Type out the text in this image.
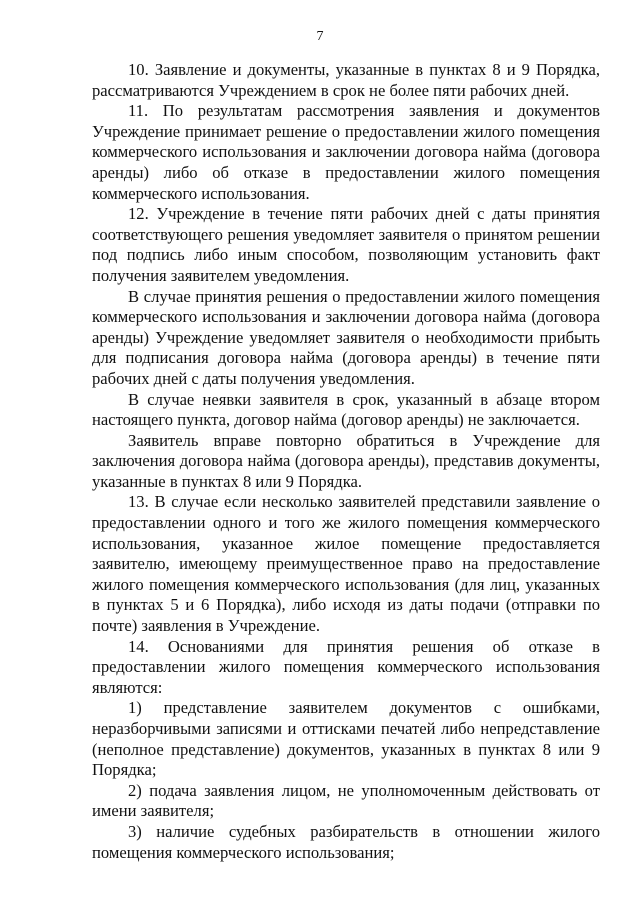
7

10. Заявление и документы, указанные в пунктах 8 и 9 Порядка, рассматриваются Учреждением в срок не более пяти рабочих дней.

11. По результатам рассмотрения заявления и документов Учреждение принимает решение о предоставлении жилого помещения коммерческого использования и заключении договора найма (договора аренды) либо об отказе в предоставлении жилого помещения коммерческого использования.

12. Учреждение в течение пяти рабочих дней с даты принятия соответствующего решения уведомляет заявителя о принятом решении под подпись либо иным способом, позволяющим установить факт получения заявителем уведомления.

В случае принятия решения о предоставлении жилого помещения коммерческого использования и заключении договора найма (договора аренды) Учреждение уведомляет заявителя о необходимости прибыть для подписания договора найма (договора аренды) в течение пяти рабочих дней с даты получения уведомления.

В случае неявки заявителя в срок, указанный в абзаце втором настоящего пункта, договор найма (договор аренды) не заключается.

Заявитель вправе повторно обратиться в Учреждение для заключения договора найма (договора аренды), представив документы, указанные в пунктах 8 или 9 Порядка.

13. В случае если несколько заявителей представили заявление о предоставлении одного и того же жилого помещения коммерческого использования, указанное жилое помещение предоставляется заявителю, имеющему преимущественное право на предоставление жилого помещения коммерческого использования (для лиц, указанных в пунктах 5 и 6 Порядка), либо исходя из даты подачи (отправки по почте) заявления в Учреждение.

14. Основаниями для принятия решения об отказе в предоставлении жилого помещения коммерческого использования являются:

1) представление заявителем документов с ошибками, неразборчивыми записями и оттисками печатей либо непредставление (неполное представление) документов, указанных в пунктах 8 или 9 Порядка;

2) подача заявления лицом, не уполномоченным действовать от имени заявителя;

3) наличие судебных разбирательств в отношении жилого помещения коммерческого использования;
